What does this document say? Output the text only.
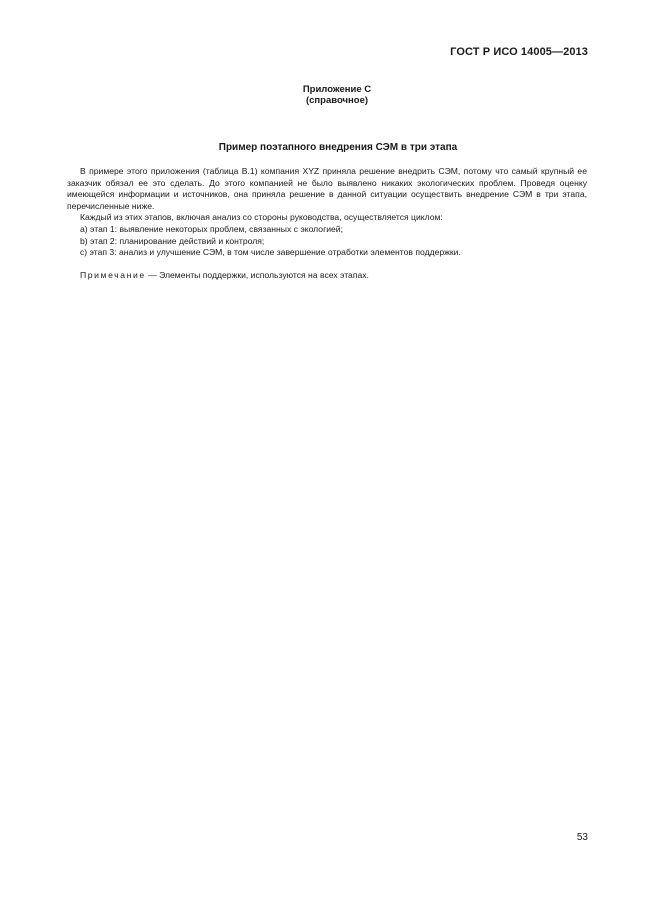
ГОСТ Р ИСО 14005—2013
Приложение С
(справочное)
Пример поэтапного внедрения СЭМ в три этапа

В примере этого приложения (таблица В.1) компания XYZ приняла решение внедрить СЭМ, потому что самый крупный ее заказчик обязал ее это сделать. До этого компанией не было выявлено никаких экологических проблем. Проведя оценку имеющейся информации и источников, она приняла решение в данной ситуации осуществить внедрение СЭМ в три этапа, перечисленные ниже.

Каждый из этих этапов, включая анализ со стороны руководства, осуществляется циклом:

а) этап 1: выявление некоторых проблем, связанных с экологией;

b) этап 2: планирование действий и контроля;

с) этап 3: анализ и улучшение СЭМ, в том числе завершение отработки элементов поддержки.

Примечание — Элементы поддержки, используются на всех этапах.

53
